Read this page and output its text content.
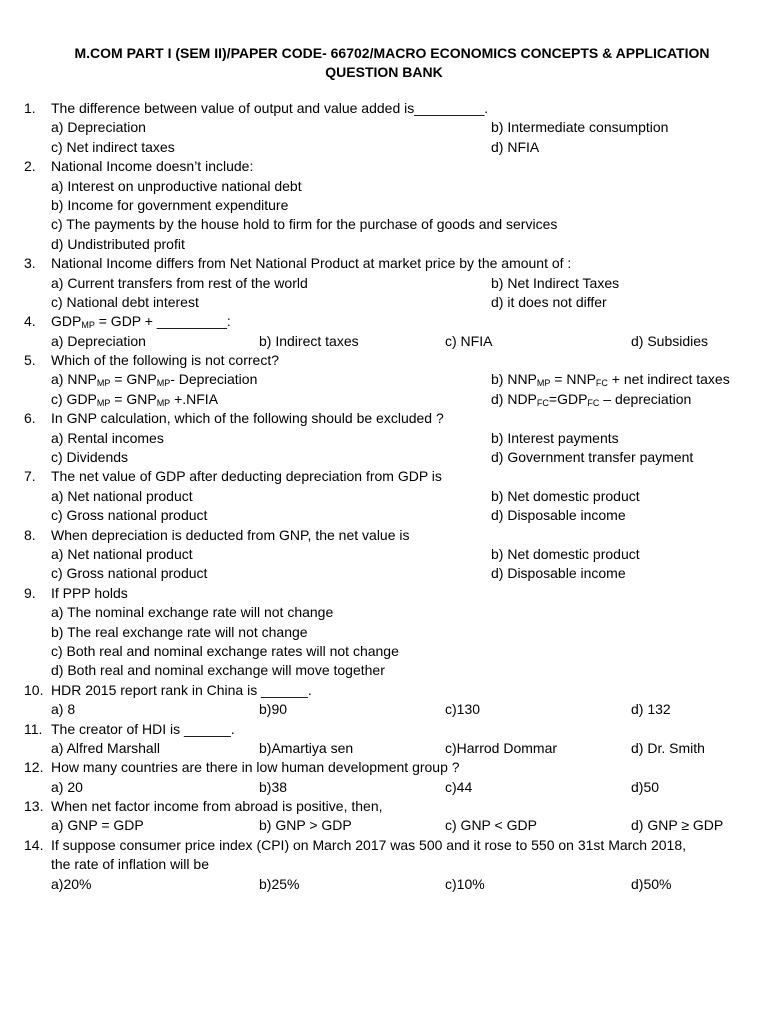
M.COM PART I (SEM II)/PAPER CODE- 66702/MACRO ECONOMICS CONCEPTS & APPLICATION
QUESTION BANK
1. The difference between value of output and value added is_________.
a) Depreciation	b) Intermediate consumption
c) Net indirect taxes	d) NFIA
2. National Income doesn’t include:
a) Interest on unproductive national debt
b) Income for government expenditure
c) The payments by the house hold to firm for the purchase of goods and services
d) Undistributed profit
3. National Income differs from Net National Product at market price by the amount of :
a) Current transfers from rest of the world	b) Net Indirect Taxes
c) National debt interest	d) it does not differ
4. $GDP_{MP}$ = GDP + _________:
a) Depreciation	b) Indirect taxes	c) NFIA	d) Subsidies
5. Which of the following is not correct?
a) $NNP_{MP} = GNP_{MP}-$ Depreciation	b) $NNP_{MP} = NNP_{FC}$ + net indirect taxes
c) $GDP_{MP} = GNP_{MP}$ +.NFIA	d) $NDP_{FC}=GDP_{FC}$ – depreciation
6. In GNP calculation, which of the following should be excluded ?
a) Rental incomes	b) Interest payments
c) Dividends	d) Government transfer payment
7. The net value of GDP after deducting depreciation from GDP is
a) Net national product	b) Net domestic product
c) Gross national product	d) Disposable income
8. When depreciation is deducted from GNP, the net value is
a) Net national product	b) Net domestic product
c) Gross national product	d) Disposable income
9. If PPP holds
a) The nominal exchange rate will not change
b) The real exchange rate will not change
c) Both real and nominal exchange rates will not change
d) Both real and nominal exchange will move together
10. HDR 2015 report rank in China is ______.
a) 8	b)90	c)130	d) 132
11. The creator of HDI is ______.
a) Alfred Marshall	b)Amartiya sen	c)Harrod Dommar	d) Dr. Smith
12. How many countries are there in low human development group ?
a) 20	b)38	c)44	d)50
13. When net factor income from abroad is positive, then,
a) GNP = GDP	b) GNP > GDP	c) GNP < GDP	d) GNP ≥ GDP
14. If suppose consumer price index (CPI) on March 2017 was 500 and it rose to 550 on 31st March 2018,
the rate of inflation will be
a)20%	b)25%	c)10%	d)50%
